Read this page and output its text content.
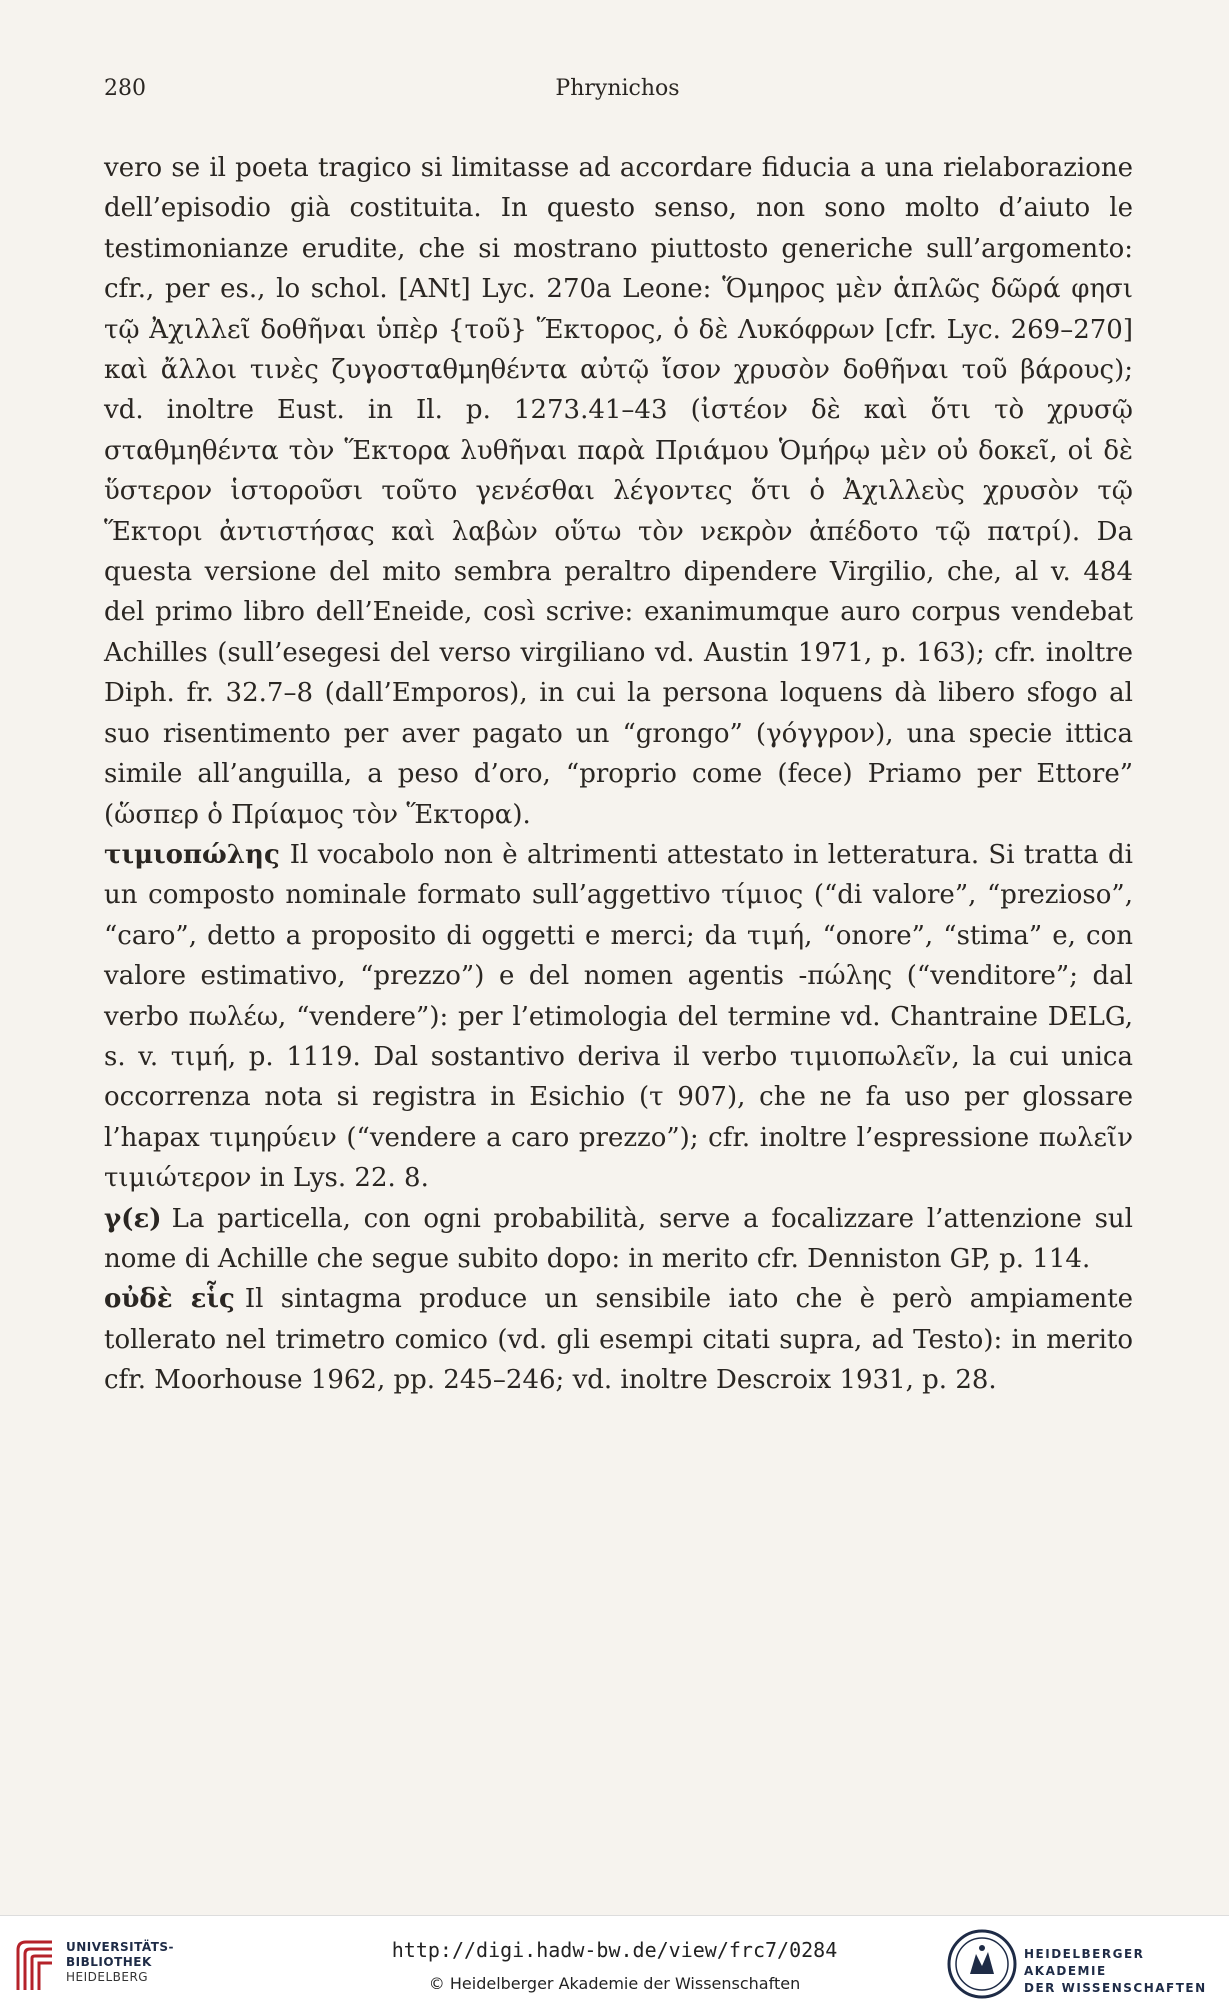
280	Phrynichos

vero se il poeta tragico si limitasse ad accordare fiducia a una rielaborazione dell’episodio già costituita. In questo senso, non sono molto d’aiuto le testimonianze erudite, che si mostrano piuttosto generiche sull’argomento: cfr., per es., lo schol. [ANt] Lyc. 270a Leone: Ὅμηρος μὲν ἁπλῶς δῶρά φησι τῷ Ἀχιλλεῖ δοθῆναι ὑπὲρ {τοῦ} Ἕκτορος, ὁ δὲ Λυκόφρων [cfr. Lyc. 269–270] καὶ ἄλλοι τινὲς ζυγοσταθμηθέντα αὐτῷ ἴσον χρυσὸν δοθῆναι τοῦ βάρους); vd. inoltre Eust. in Il. p. 1273.41–43 (ἰστέον δὲ καὶ ὅτι τὸ χρυσῷ σταθμηθέντα τὸν Ἕκτορα λυθῆναι παρὰ Πριάμου Ὁμήρῳ μὲν οὐ δοκεῖ, οἱ δὲ ὕστερον ἱστοροῦσι τοῦτο γενέσθαι λέγοντες ὅτι ὁ Ἀχιλλεὺς χρυσὸν τῷ Ἕκτορι ἀντιστήσας καὶ λαβὼν οὕτω τὸν νεκρὸν ἀπέδοτο τῷ πατρί). Da questa versione del mito sembra peraltro dipendere Virgilio, che, al v. 484 del primo libro dell’Eneide, così scrive: exanimumque auro corpus vendebat Achilles (sull’esegesi del verso virgiliano vd. Austin 1971, p. 163); cfr. inoltre Diph. fr. 32.7–8 (dall’Emporos), in cui la persona loquens dà libero sfogo al suo risentimento per aver pagato un “grongo” (γόγγρον), una specie ittica simile all’anguilla, a peso d’oro, “proprio come (fece) Priamo per Ettore” (ὥσπερ ὁ Πρίαμος τὸν Ἕκτορα).

τιμιοπώλης Il vocabolo non è altrimenti attestato in letteratura. Si tratta di un composto nominale formato sull’aggettivo τίμιος (“di valore”, “prezioso”, “caro”, detto a proposito di oggetti e merci; da τιμή, “onore”, “stima” e, con valore estimativo, “prezzo”) e del nomen agentis -πώλης (“venditore”; dal verbo πωλέω, “vendere”): per l’etimologia del termine vd. Chantraine DELG, s. v. τιμή, p. 1119. Dal sostantivo deriva il verbo τιμιοπωλεῖν, la cui unica occorrenza nota si registra in Esichio (τ 907), che ne fa uso per glossare l’hapax τιμηρύειν (“vendere a caro prezzo”); cfr. inoltre l’espressione πωλεῖν τιμιώτερον in Lys. 22. 8.

γ(ε) La particella, con ogni probabilità, serve a focalizzare l’attenzione sul nome di Achille che segue subito dopo: in merito cfr. Denniston GP, p. 114.

οὐδὲ εἷς Il sintagma produce un sensibile iato che è però ampiamente tollerato nel trimetro comico (vd. gli esempi citati supra, ad Testo): in merito cfr. Moorhouse 1962, pp. 245–246; vd. inoltre Descroix 1931, p. 28.

UNIVERSITÄTS-
BIBLIOTHEK
HEIDELBERG
http://digi.hadw-bw.de/view/frc7/0284
© Heidelberger Akademie der Wissenschaften
HEIDELBERGER AKADEMIE
DER WISSENSCHAFTEN
